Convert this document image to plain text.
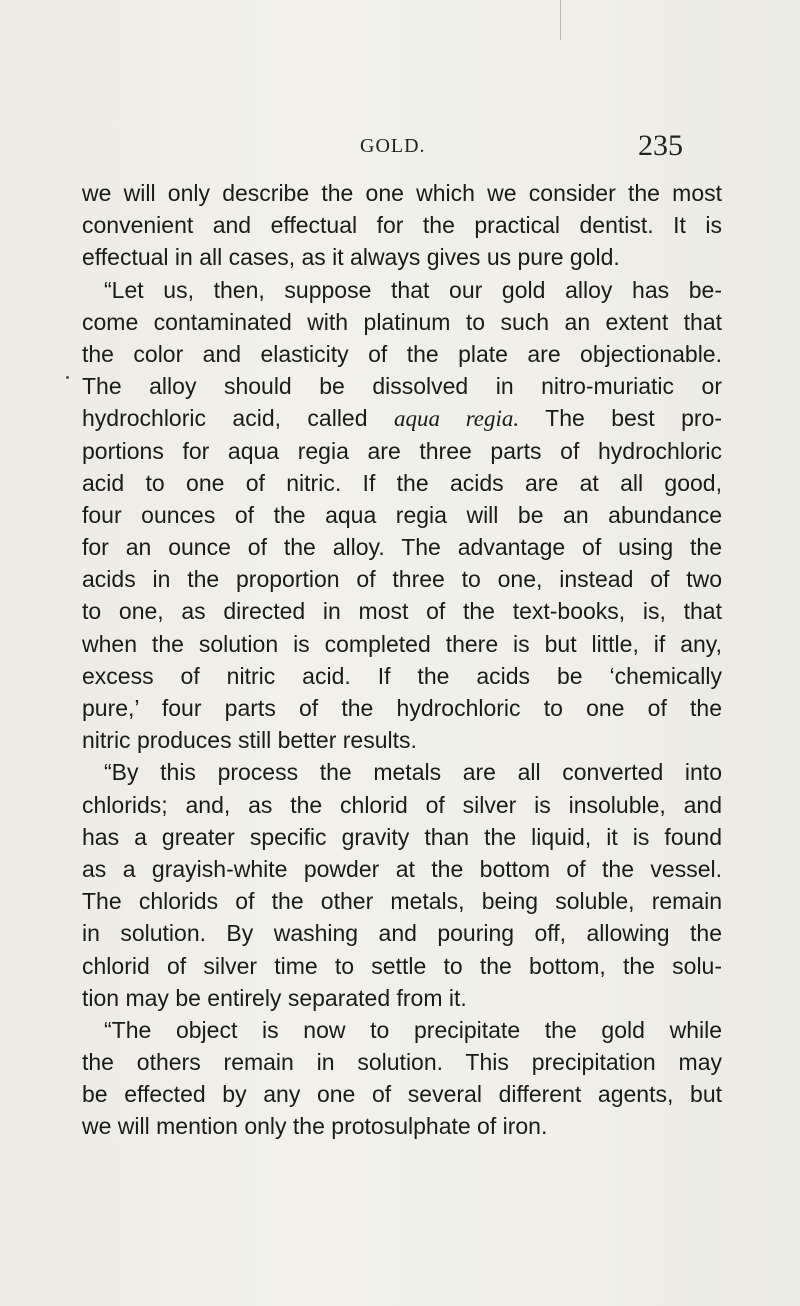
GOLD.	235
we will only describe the one which we consider the most
convenient and effectual for the practical dentist. It is
effectual in all cases, as it always gives us pure gold.
“Let us, then, suppose that our gold alloy has be-
come contaminated with platinum to such an extent that
the color and elasticity of the plate are objectionable.
The alloy should be dissolved in nitro-muriatic or
hydrochloric acid, called aqua regia. The best pro-
portions for aqua regia are three parts of hydrochloric
acid to one of nitric. If the acids are at all good,
four ounces of the aqua regia will be an abundance
for an ounce of the alloy. The advantage of using the
acids in the proportion of three to one, instead of two
to one, as directed in most of the text-books, is, that
when the solution is completed there is but little, if any,
excess of nitric acid. If the acids be ‘chemically
pure,’ four parts of the hydrochloric to one of the
nitric produces still better results.
“By this process the metals are all converted into
chlorids; and, as the chlorid of silver is insoluble, and
has a greater specific gravity than the liquid, it is found
as a grayish-white powder at the bottom of the vessel.
The chlorids of the other metals, being soluble, remain
in solution. By washing and pouring off, allowing the
chlorid of silver time to settle to the bottom, the solu-
tion may be entirely separated from it.
“The object is now to precipitate the gold while
the others remain in solution. This precipitation may
be effected by any one of several different agents, but
we will mention only the protosulphate of iron.
